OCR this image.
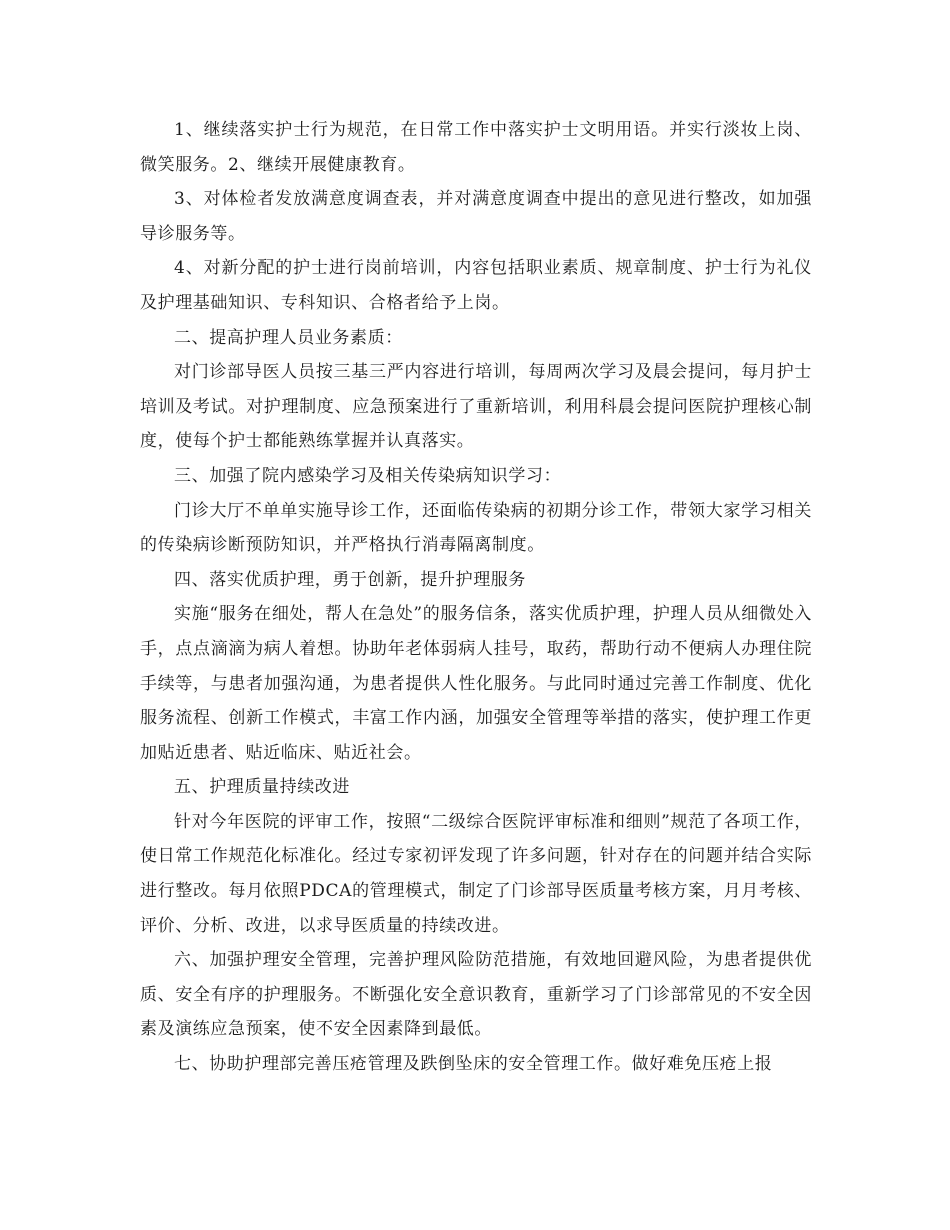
1、继续落实护士行为规范，在日常工作中落实护士文明用语。并实行淡妆上岗、微笑服务。2、继续开展健康教育。

3、对体检者发放满意度调查表，并对满意度调查中提出的意见进行整改，如加强导诊服务等。

4、对新分配的护士进行岗前培训，内容包括职业素质、规章制度、护士行为礼仪及护理基础知识、专科知识、合格者给予上岗。

二、提高护理人员业务素质：

对门诊部导医人员按三基三严内容进行培训，每周两次学习及晨会提问，每月护士培训及考试。对护理制度、应急预案进行了重新培训，利用科晨会提问医院护理核心制度，使每个护士都能熟练掌握并认真落实。

三、加强了院内感染学习及相关传染病知识学习：

门诊大厅不单单实施导诊工作，还面临传染病的初期分诊工作，带领大家学习相关的传染病诊断预防知识，并严格执行消毒隔离制度。

四、落实优质护理，勇于创新，提升护理服务

实施“服务在细处，帮人在急处”的服务信条，落实优质护理，护理人员从细微处入手，点点滴滴为病人着想。协助年老体弱病人挂号，取药，帮助行动不便病人办理住院手续等，与患者加强沟通，为患者提供人性化服务。与此同时通过完善工作制度、优化服务流程、创新工作模式，丰富工作内涵，加强安全管理等举措的落实，使护理工作更加贴近患者、贴近临床、贴近社会。

五、护理质量持续改进

针对今年医院的评审工作，按照“二级综合医院评审标准和细则”规范了各项工作，使日常工作规范化标准化。经过专家初评发现了许多问题，针对存在的问题并结合实际进行整改。每月依照PDCA的管理模式，制定了门诊部导医质量考核方案，月月考核、评价、分析、改进，以求导医质量的持续改进。

六、加强护理安全管理，完善护理风险防范措施，有效地回避风险，为患者提供优质、安全有序的护理服务。不断强化安全意识教育，重新学习了门诊部常见的不安全因素及演练应急预案，使不安全因素降到最低。

七、协助护理部完善压疮管理及跌倒坠床的安全管理工作。做好难免压疮上报
